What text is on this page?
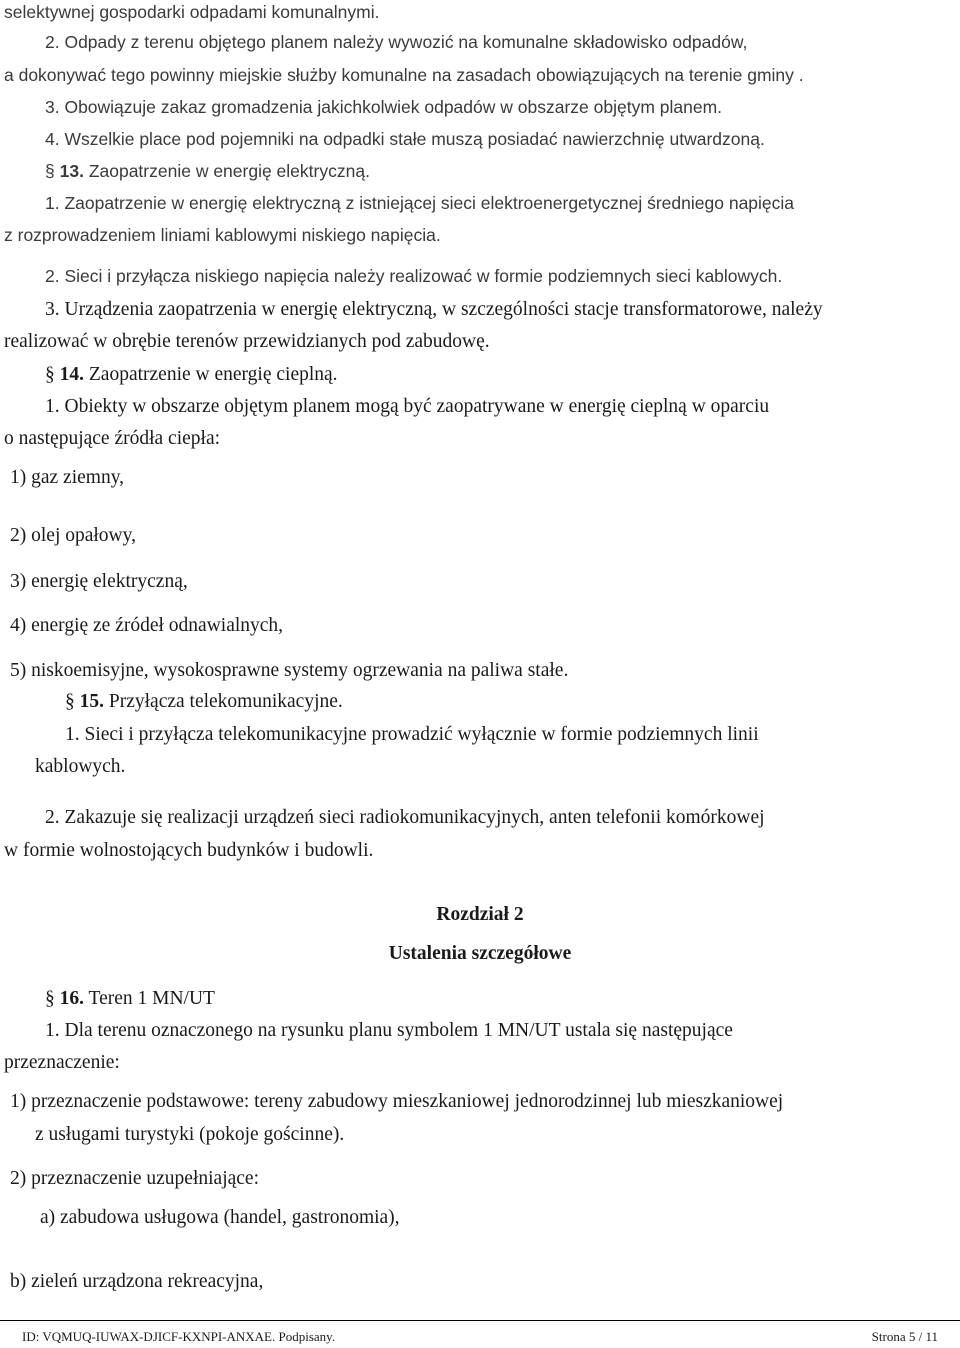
selektywnej gospodarki odpadami komunalnymi.
2. Odpady z terenu objętego planem należy wywozić na komunalne składowisko odpadów,
a dokonywać tego powinny miejskie służby komunalne na zasadach obowiązujących na terenie gminy .
3. Obowiązuje zakaz gromadzenia jakichkolwiek odpadów w obszarze objętym planem.
4. Wszelkie place pod pojemniki na odpadki stałe muszą posiadać nawierzchnię utwardzoną.
§ 13. Zaopatrzenie w energię elektryczną.
1. Zaopatrzenie w energię elektryczną z istniejącej sieci elektroenergetycznej średniego napięcia
z rozprowadzeniem liniami kablowymi niskiego napięcia.
2. Sieci i przyłącza niskiego napięcia należy realizować w formie podziemnych sieci kablowych.
3. Urządzenia zaopatrzenia w energię elektryczną, w szczególności stacje transformatorowe, należy
realizować w obrębie terenów przewidzianych pod zabudowę.
§ 14. Zaopatrzenie w energię cieplną.
1. Obiekty w obszarze objętym planem mogą być zaopatrywane w energię cieplną w oparciu
o następujące źródła ciepła:
1) gaz ziemny,
2) olej opałowy,
3) energię elektryczną,
4) energię ze źródeł odnawialnych,
5) niskoemisyjne, wysokosprawne systemy ogrzewania na paliwa stałe.
§ 15. Przyłącza telekomunikacyjne.
1. Sieci i przyłącza telekomunikacyjne prowadzić wyłącznie w formie podziemnych linii
kablowych.
2. Zakazuje się realizacji urządzeń sieci radiokomunikacyjnych, anten telefonii komórkowej
w formie wolnostojących budynków i budowli.
Rozdział 2
Ustalenia szczegółowe
§ 16. Teren 1 MN/UT
1. Dla terenu oznaczonego na rysunku planu symbolem 1 MN/UT ustala się następujące
przeznaczenie:
1) przeznaczenie podstawowe: tereny zabudowy mieszkaniowej jednorodzinnej lub mieszkaniowej
z usługami turystyki (pokoje gościnne).
2) przeznaczenie uzupełniające:
a) zabudowa usługowa (handel, gastronomia),
b) zieleń urządzona rekreacyjna,
ID: VQMUQ-IUWAX-DJICF-KXNPI-ANXAE. Podpisany.	Strona 5 / 11
